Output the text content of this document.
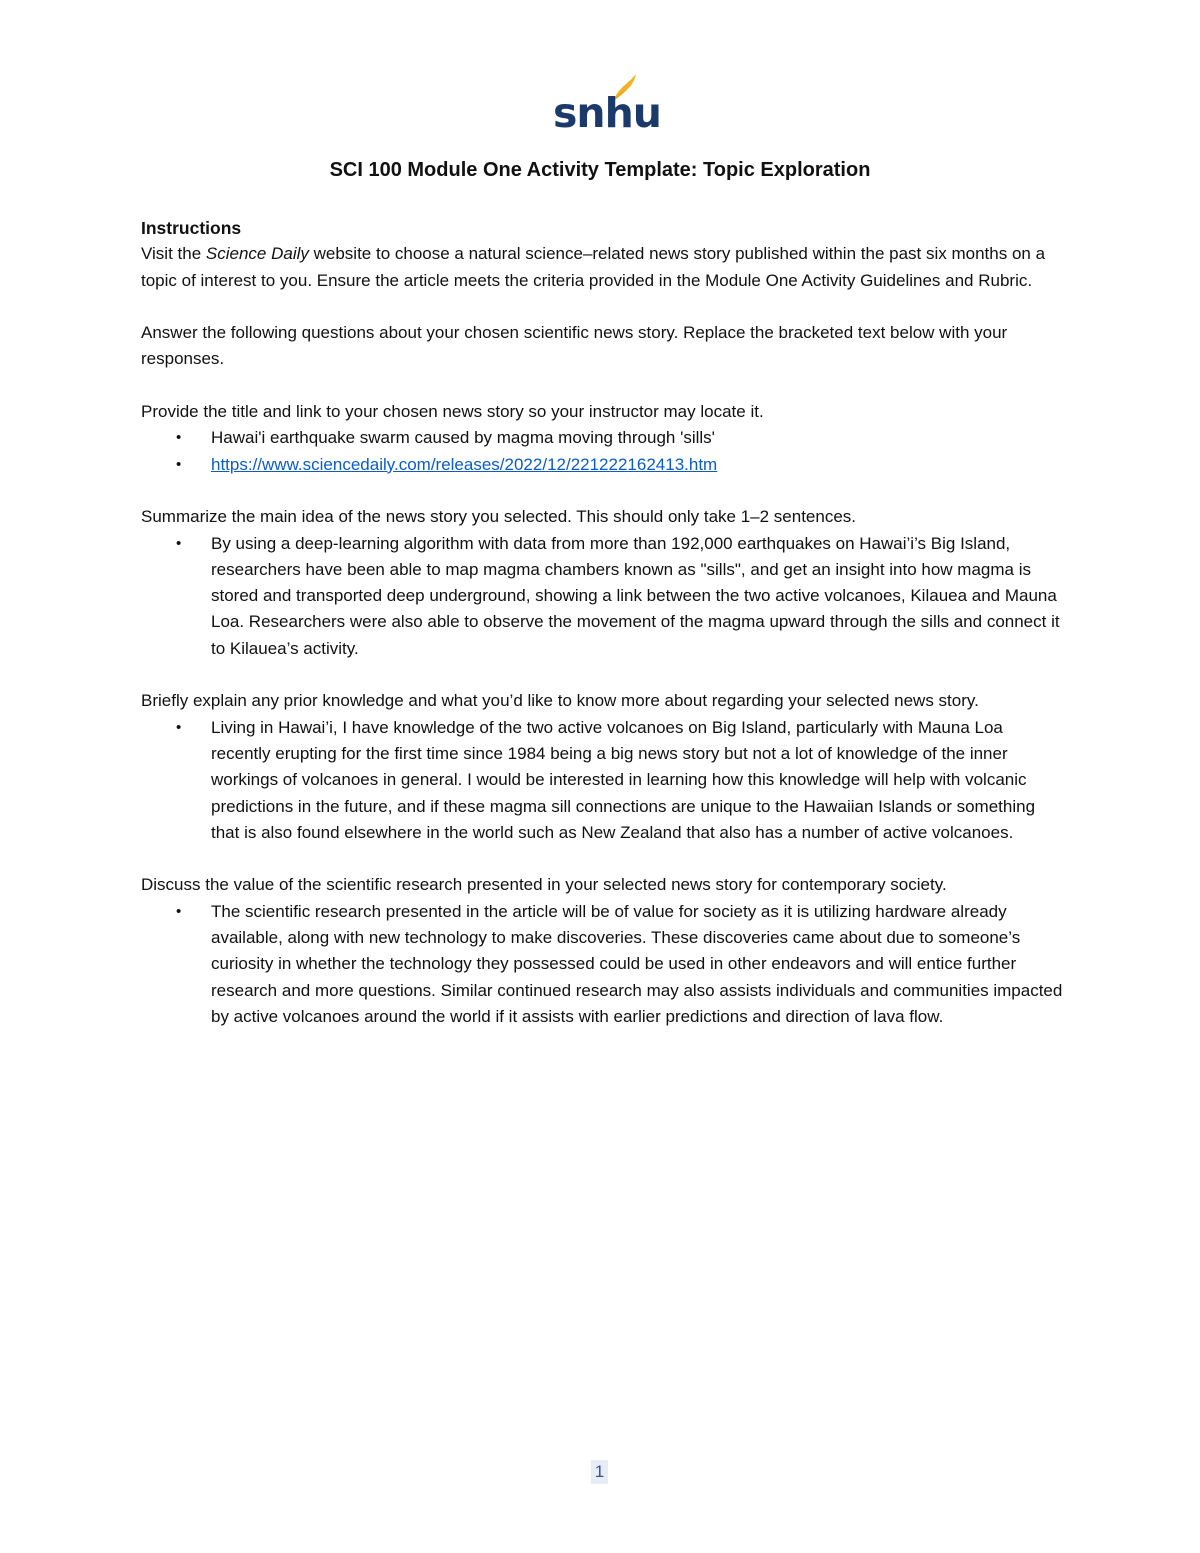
snhu
SCI 100 Module One Activity Template: Topic Exploration
Instructions

Visit the Science Daily website to choose a natural science–related news story published within the past six months on a topic of interest to you. Ensure the article meets the criteria provided in the Module One Activity Guidelines and Rubric.

Answer the following questions about your chosen scientific news story. Replace the bracketed text below with your responses.

Provide the title and link to your chosen news story so your instructor may locate it.

• Hawai'i earthquake swarm caused by magma moving through 'sills'
• https://www.sciencedaily.com/releases/2022/12/221222162413.htm

Summarize the main idea of the news story you selected. This should only take 1–2 sentences.

• By using a deep-learning algorithm with data from more than 192,000 earthquakes on Hawai’i’s Big Island, researchers have been able to map magma chambers known as "sills", and get an insight into how magma is stored and transported deep underground, showing a link between the two active volcanoes, Kilauea and Mauna Loa. Researchers were also able to observe the movement of the magma upward through the sills and connect it to Kilauea’s activity.

Briefly explain any prior knowledge and what you’d like to know more about regarding your selected news story.

• Living in Hawai’i, I have knowledge of the two active volcanoes on Big Island, particularly with Mauna Loa recently erupting for the first time since 1984 being a big news story but not a lot of knowledge of the inner workings of volcanoes in general. I would be interested in learning how this knowledge will help with volcanic predictions in the future, and if these magma sill connections are unique to the Hawaiian Islands or something that is also found elsewhere in the world such as New Zealand that also has a number of active volcanoes.

Discuss the value of the scientific research presented in your selected news story for contemporary society.

• The scientific research presented in the article will be of value for society as it is utilizing hardware already available, along with new technology to make discoveries. These discoveries came about due to someone’s curiosity in whether the technology they possessed could be used in other endeavors and will entice further research and more questions. Similar continued research may also assists individuals and communities impacted by active volcanoes around the world if it assists with earlier predictions and direction of lava flow.
1
